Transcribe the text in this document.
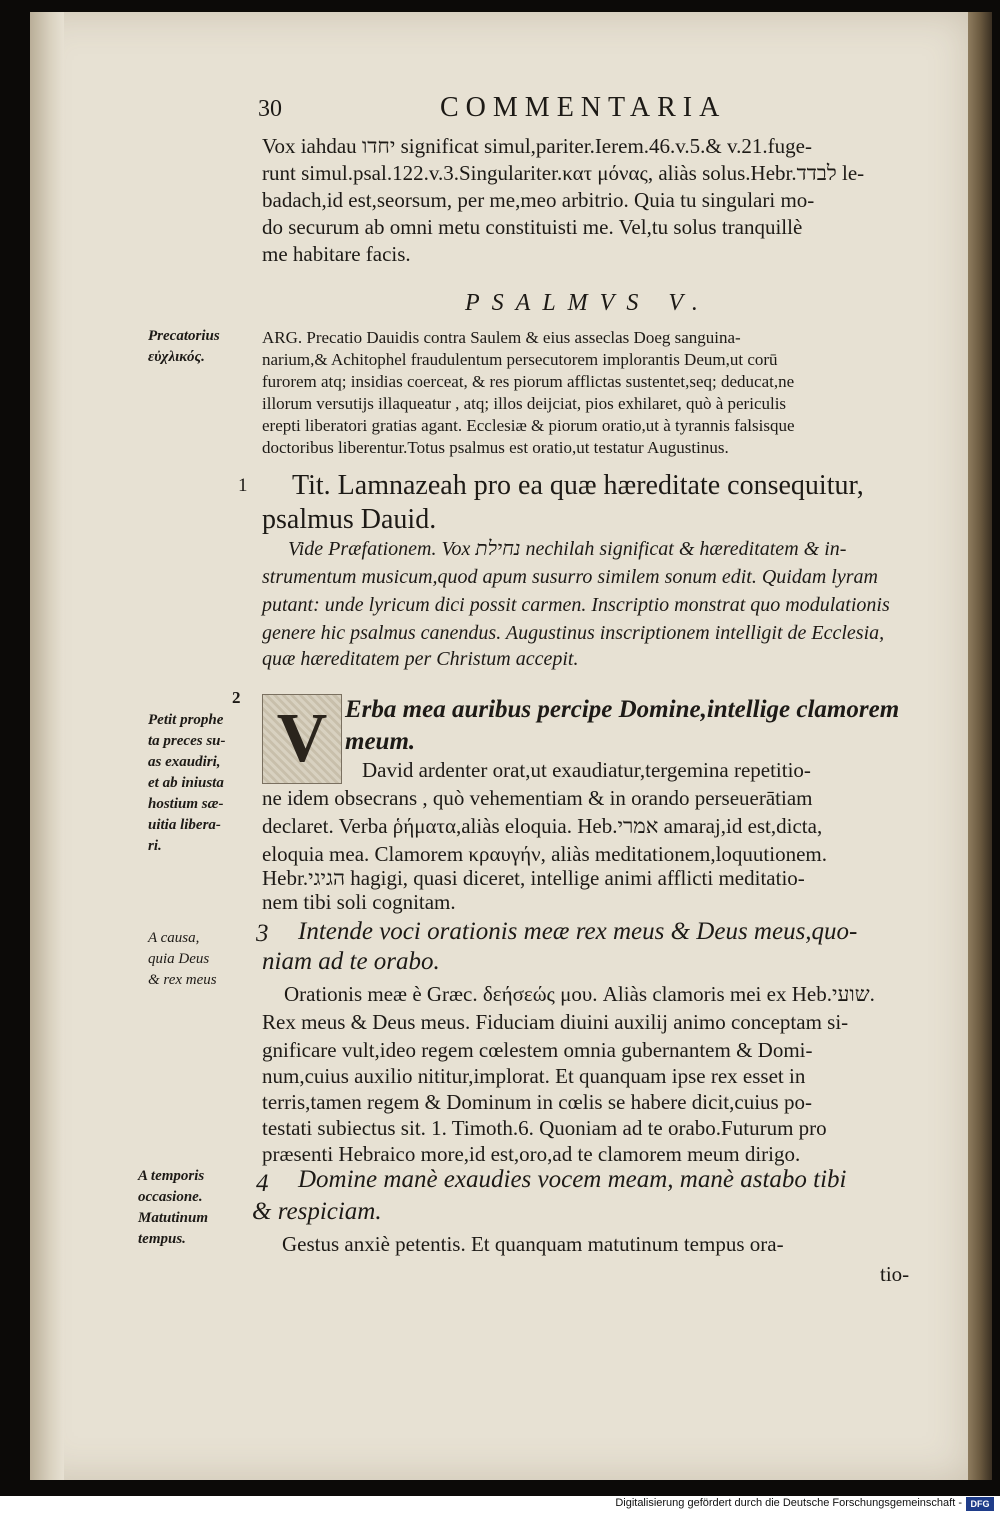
30	COMMENTARIA
Vox iahdau יחדו significat simul,pariter.Ierem.46.v.5.& v.21.fuge-
runt simul.psal.122.v.3.Singulariter.κατ μόνας, aliàs solus.Hebr.לבדד le-
badach,id est,seorsum, per me,meo arbitrio. Quia tu singulari mo-
do securum ab omni metu constituisti me. Vel,tu solus tranquillè
me habitare facis.
PSALMVS V.
Precatorius
εὐχλικός.
ARG. Precatio Dauidis contra Saulem & eius asseclas Doeg sanguina-
narium,& Achitophel fraudulentum persecutorem implorantis Deum,ut corū
furorem atq; insidias coerceat, & res piorum afflictas sustentet,seq; deducat,ne
illorum versutijs illaqueatur , atq; illos deijciat, pios exhilaret, quò à periculis
erepti liberatori gratias agant. Ecclesiæ & piorum oratio,ut à tyrannis falsisque
doctoribus liberentur.Totus psalmus est oratio,ut testatur Augustinus.
1 Tit. Lamnazeah pro ea quæ hæreditate consequitur,
psalmus Dauid.
Vide Præfationem. Vox נחילת nechilah significat & hæreditatem & in-
strumentum musicum,quod apum susurro similem sonum edit. Quidam lyram
putant: unde lyricum dici possit carmen. Inscriptio monstrat quo modulationis
genere hic psalmus canendus. Augustinus inscriptionem intelligit de Ecclesia,
quæ hæreditatem per Christum accepit.
2
Petit prophe
ta preces su-
as exaudiri,
et ab iniusta
hostium sæ-
uitia libera-
ri.
V Erba mea auribus percipe Domine,intellige clamorem
meum.
David ardenter orat,ut exaudiatur,tergemina repetitio-
ne idem obsecrans , quò vehementiam & in orando perseuerātiam
declaret. Verba ῥήματα,aliàs eloquia. Heb.אמרי amaraj,id est,dicta,
eloquia mea. Clamorem κραυγήν, aliàs meditationem,loquutionem.
Hebr.הגיגי hagigi, quasi diceret, intellige animi afflicti meditatio-
nem tibi soli cognitam.
A causa,
quia Deus
& rex meus
3 Intende voci orationis meæ rex meus & Deus meus,quo-
niam ad te orabo.
Orationis meæ è Græc. δεήσεώς μου. Aliàs clamoris mei ex Heb.שועי.
Rex meus & Deus meus. Fiduciam diuini auxilij animo conceptam si-
gnificare vult,ideo regem cœlestem omnia gubernantem & Domi-
num,cuius auxilio nititur,implorat. Et quanquam ipse rex esset in
terris,tamen regem & Dominum in cœlis se habere dicit,cuius po-
testati subiectus sit. 1. Timoth.6. Quoniam ad te orabo.Futurum pro
præsenti Hebraico more,id est,oro,ad te clamorem meum dirigo.
A temporis
occasione.
Matutinum
tempus.
4 Domine manè exaudies vocem meam, manè astabo tibi
& respiciam.
Gestus anxiè petentis. Et quanquam matutinum tempus ora-
tio-
Digitalisierung gefördert durch die Deutsche Forschungsgemeinschaft - DFG
